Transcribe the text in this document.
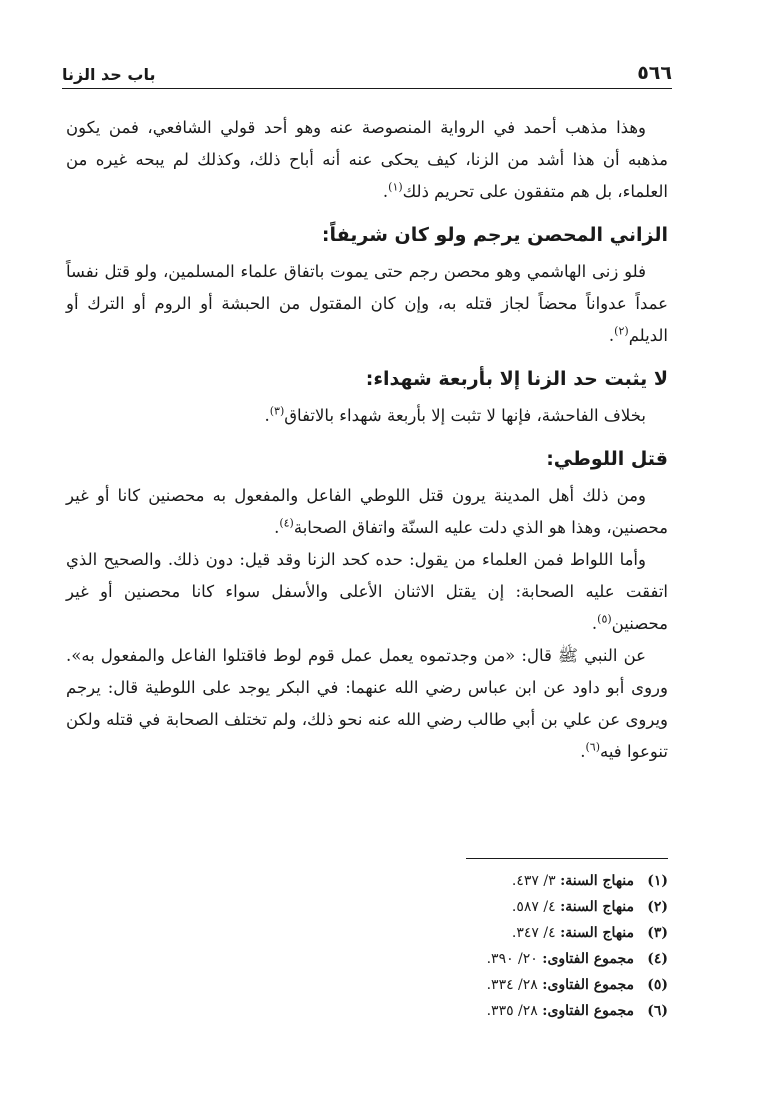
٥٦٦
باب حد الزنا

وهذا مذهب أحمد في الرواية المنصوصة عنه وهو أحد قولي الشافعي، فمن يكون مذهبه أن هذا أشد من الزنا، كيف يحكى عنه أنه أباح ذلك، وكذلك لم يبحه غيره من العلماء، بل هم متفقون على تحريم ذلك$^{(١)}$.

الزاني المحصن يرجم ولو كان شريفاً:

فلو زنى الهاشمي وهو محصن رجم حتى يموت باتفاق علماء المسلمين، ولو قتل نفساً عمداً عدواناً محضاً لجاز قتله به، وإن كان المقتول من الحبشة أو الروم أو الترك أو الديلم$^{(٢)}$.

لا يثبت حد الزنا إلا بأربعة شهداء:

بخلاف الفاحشة، فإنها لا تثبت إلا بأربعة شهداء بالاتفاق$^{(٣)}$.

قتل اللوطي:

ومن ذلك أهل المدينة يرون قتل اللوطي الفاعل والمفعول به محصنين كانا أو غير محصنين، وهذا هو الذي دلت عليه السنّة واتفاق الصحابة$^{(٤)}$.

وأما اللواط فمن العلماء من يقول: حده كحد الزنا وقد قيل: دون ذلك. والصحيح الذي اتفقت عليه الصحابة: إن يقتل الاثنان الأعلى والأسفل سواء كانا محصنين أو غير محصنين$^{(٥)}$.

عن النبي ﷺ قال: «من وجدتموه يعمل عمل قوم لوط فاقتلوا الفاعل والمفعول به». وروى أبو داود عن ابن عباس رضي الله عنهما: في البكر يوجد على اللوطية قال: يرجم ويروى عن علي بن أبي طالب رضي الله عنه نحو ذلك، ولم تختلف الصحابة في قتله ولكن تنوعوا فيه$^{(٦)}$.

(١)منهاج السنة: ٣/ ٤٣٧.
(٢)منهاج السنة: ٤/ ٥٨٧.
(٣)منهاج السنة: ٤/ ٣٤٧.
(٤)مجموع الفتاوى: ٢٠/ ٣٩٠.
(٥)مجموع الفتاوى: ٢٨/ ٣٣٤.
(٦)مجموع الفتاوى: ٢٨/ ٣٣٥.
